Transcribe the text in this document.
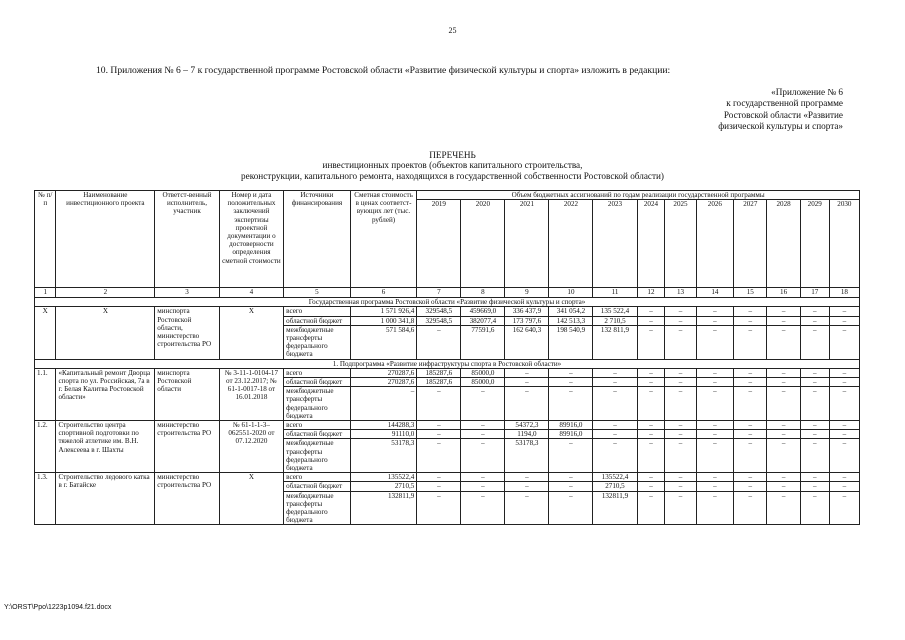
25
10. Приложения № 6 – 7 к государственной программе Ростовской области «Развитие физической культуры и спорта» изложить в редакции:
«Приложение № 6
к государственной программе
Ростовской области «Развитие
физической культуры и спорта»
ПЕРЕЧЕНЬ
инвестиционных проектов (объектов капитального строительства,
реконструкции, капитального ремонта, находящихся в государственной собственности Ростовской области)
№ п/п	Наименование инвестиционного проекта	Ответст-венный исполнитель, участник	Номер и дата положительных заключений экспертизы проектной документации о достоверности определения сметной стоимости	Источники финансирования	Сметная стоимость в ценах соответст-вующих лет (тыс. рублей)	Объем бюджетных ассигнований по годам реализации государственной программы											
						2019	2020	2021	2022	2023	2024	2025	2026	2027	2028	2029	2030
1	2	3	4	5	6	7	8	9	10	11	12	13	14	15	16	17	18
Государственная программа Ростовской области «Развитие физической культуры и спорта»																	
Х	Х	минспорта Ростовской области, министерство строительства РО	Х	всего	1 571 926,4	329548,5	459669,0	336 437,9	341 054,2	135 522,4	–	–	–	–	–	–	–
				областной бюджет	1 000 341,8	329548,5	382077,4	173 797,6	142 513,3	2 710,5	–	–	–	–	–	–	–
				межбюджетные трансферты федерального бюджета	571 584,6	–	77591,6	162 640,3	198 540,9	132 811,9	–	–	–	–	–	–	–
1. Подпрограмма «Развитие инфраструктуры спорта в Ростовской области»																	
1.1.	«Капитальный ремонт Дворца спорта по ул. Российская, 7а в г. Белая Калитва Ростовской области»	минспорта Ростовской области	№ 3-11-1-0104-17 от 23.12.2017; № 61-1-0017-18 от 16.01.2018	всего	270287,6	185287,6	85000,0	–	–	–	–	–	–	–	–	–	–
				областной бюджет	270287,6	185287,6	85000,0	–	–	–	–	–	–	–	–	–	–
				межбюджетные трансферты федерального бюджета	–	–	–	–	–	–	–	–	–	–	–	–	–
1.2.	Строительство центра спортивной подготовки по тяжелой атлетике им. В.Н. Алексеева в г. Шахты	министерство строительства РО	№ 61-1-1-3–062551-2020 от 07.12.2020	всего	144288,3	–	–	54372,3	89916,0	–	–	–	–	–	–	–	–
				областной бюджет	91110,0	–	–	1194,0	89916,0	–	–	–	–	–	–	–	–
				межбюджетные трансферты федерального бюджета	53178,3	–	–	53178,3	–	–	–	–	–	–	–	–	–
1.3.	Строительство ледового катка в г. Батайске	министерство строительства РО	Х	всего	135522,4	–	–	–	–	135522,4	–	–	–	–	–	–	–
				областной бюджет	2710,5	–	–	–	–	2710,5	–	–	–	–	–	–	–
				межбюджетные трансферты федерального бюджета	132811,9	–	–	–	–	132811,9	–	–	–	–	–	–	–
Y:\ORST\Ppo\1223p1094.f21.docx
